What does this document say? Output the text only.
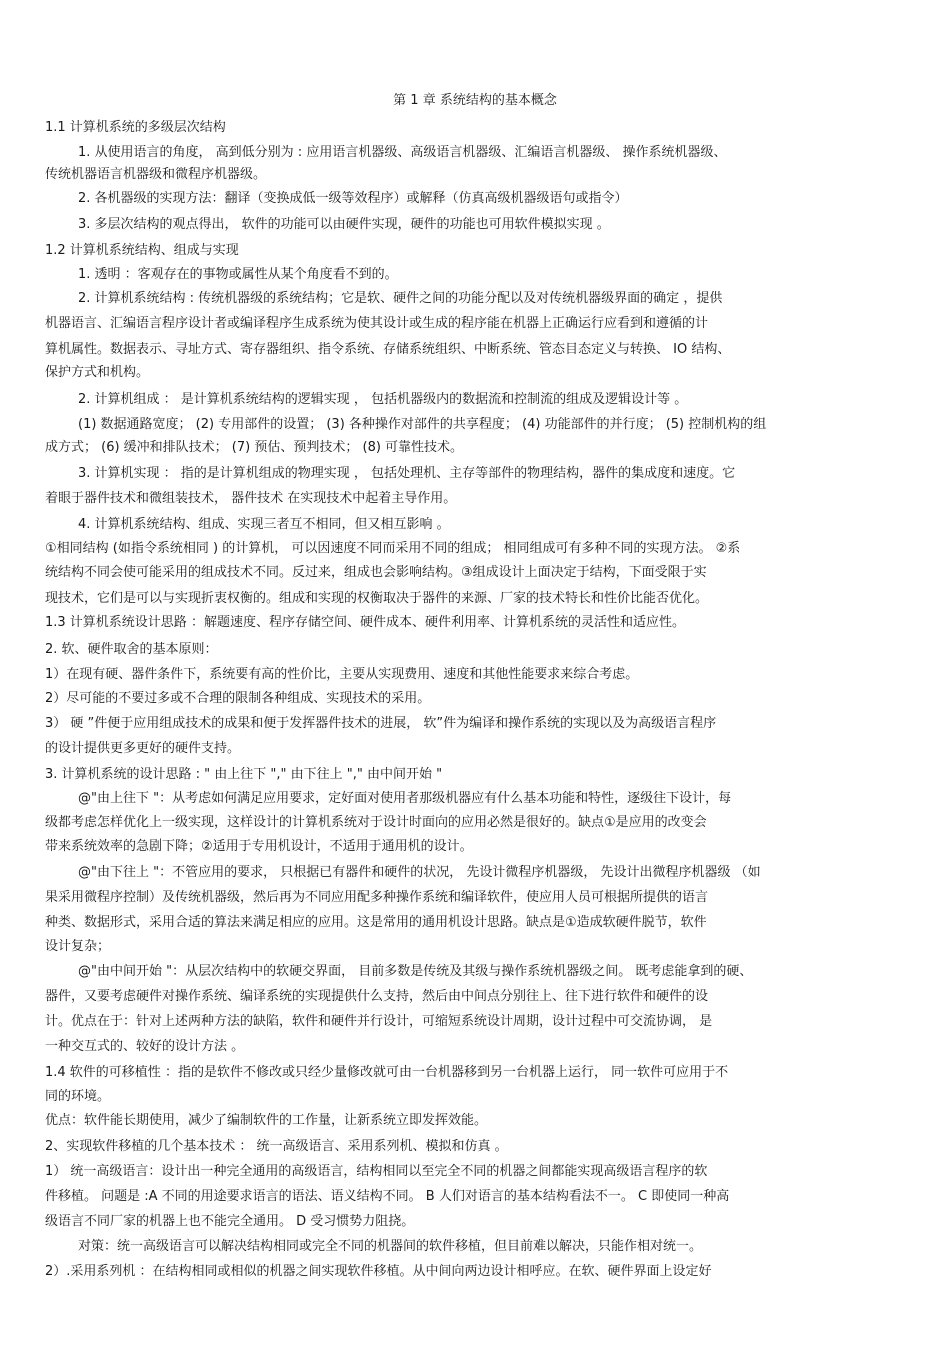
第 1 章 系统结构的基本概念
1.1 计算机系统的多级层次结构
1. 从使用语言的角度， 高到低分别为 : 应用语言机器级、高级语言机器级、汇编语言机器级、 操作系统机器级、
传统机器语言机器级和微程序机器级。
2. 各机器级的实现方法：翻译（变换成低一级等效程序）或解释（仿真高级机器级语句或指令）
3. 多层次结构的观点得出， 软件的功能可以由硬件实现，硬件的功能也可用软件模拟实现 。
1.2 计算机系统结构、组成与实现
1. 透明 ：客观存在的事物或属性从某个角度看不到的。
2. 计算机系统结构 : 传统机器级的系统结构；它是软、硬件之间的功能分配以及对传统机器级界面的确定 ，提供
机器语言、汇编语言程序设计者或编译程序生成系统为使其设计或生成的程序能在机器上正确运行应看到和遵循的计
算机属性。数据表示、寻址方式、寄存器组织、指令系统、存储系统组织、中断系统、管态目态定义与转换、 IO 结构、
保护方式和机构。
2. 计算机组成 ： 是计算机系统结构的逻辑实现 ， 包括机器级内的数据流和控制流的组成及逻辑设计等 。
(1) 数据通路宽度； (2) 专用部件的设置； (3) 各种操作对部件的共享程度； (4) 功能部件的并行度； (5) 控制机构的组
成方式； (6) 缓冲和排队技术； (7) 预估、预判技术； (8) 可靠性技术。
3. 计算机实现 ： 指的是计算机组成的物理实现 ， 包括处理机、主存等部件的物理结构，器件的集成度和速度。它
着眼于器件技术和微组装技术， 器件技术 在实现技术中起着主导作用。
4. 计算机系统结构、组成、实现三者互不相同，但又相互影响 。
①相同结构 (如指令系统相同 ) 的计算机， 可以因速度不同而采用不同的组成； 相同组成可有多种不同的实现方法。 ②系
统结构不同会使可能采用的组成技术不同。反过来，组成也会影响结构。③组成设计上面决定于结构，下面受限于实
现技术，它们是可以与实现折衷权衡的。组成和实现的权衡取决于器件的来源、厂家的技术特长和性价比能否优化。
1.3 计算机系统设计思路 ：解题速度、程序存储空间、硬件成本、硬件利用率、计算机系统的灵活性和适应性。
2. 软、硬件取舍的基本原则：
1）在现有硬、器件条件下，系统要有高的性价比，主要从实现费用、速度和其他性能要求来综合考虑。
2）尽可能的不要过多或不合理的限制各种组成、实现技术的采用。
3） 硬 ”件便于应用组成技术的成果和便于发挥器件技术的进展， 软”件为编译和操作系统的实现以及为高级语言程序
的设计提供更多更好的硬件支持。
3. 计算机系统的设计思路 : " 由上往下 "," 由下往上 "," 由中间开始 "
@"由上往下 "：从考虑如何满足应用要求，定好面对使用者那级机器应有什么基本功能和特性，逐级往下设计，每
级都考虑怎样优化上一级实现，这样设计的计算机系统对于设计时面向的应用必然是很好的。缺点①是应用的改变会
带来系统效率的急剧下降；②适用于专用机设计，不适用于通用机的设计。
@"由下往上 "：不管应用的要求， 只根据已有器件和硬件的状况， 先设计微程序机器级， 先设计出微程序机器级 （如
果采用微程序控制）及传统机器级，然后再为不同应用配多种操作系统和编译软件，使应用人员可根据所提供的语言
种类、数据形式，采用合适的算法来满足相应的应用。这是常用的通用机设计思路。缺点是①造成软硬件脱节，软件
设计复杂；
@"由中间开始 "：从层次结构中的软硬交界面， 目前多数是传统及其级与操作系统机器级之间。 既考虑能拿到的硬、
器件，又要考虑硬件对操作系统、编译系统的实现提供什么支持，然后由中间点分别往上、往下进行软件和硬件的设
计。优点在于：针对上述两种方法的缺陷，软件和硬件并行设计，可缩短系统设计周期，设计过程中可交流协调， 是
一种交互式的、较好的设计方法 。
1.4 软件的可移植性 ：指的是软件不修改或只经少量修改就可由一台机器移到另一台机器上运行， 同一软件可应用于不
同的环境。
优点：软件能长期使用，减少了编制软件的工作量，让新系统立即发挥效能。
2、实现软件移植的几个基本技术 ： 统一高级语言、采用系列机、模拟和仿真 。
1） 统一高级语言：设计出一种完全通用的高级语言，结构相同以至完全不同的机器之间都能实现高级语言程序的软
件移植。 问题是 :A 不同的用途要求语言的语法、语义结构不同。 B 人们对语言的基本结构看法不一。 C 即使同一种高
级语言不同厂家的机器上也不能完全通用。 D 受习惯势力阻挠。
对策：统一高级语言可以解决结构相同或完全不同的机器间的软件移植，但目前难以解决，只能作相对统一。
2）.采用系列机 ：在结构相同或相似的机器之间实现软件移植。从中间向两边设计相呼应。在软、硬件界面上设定好
